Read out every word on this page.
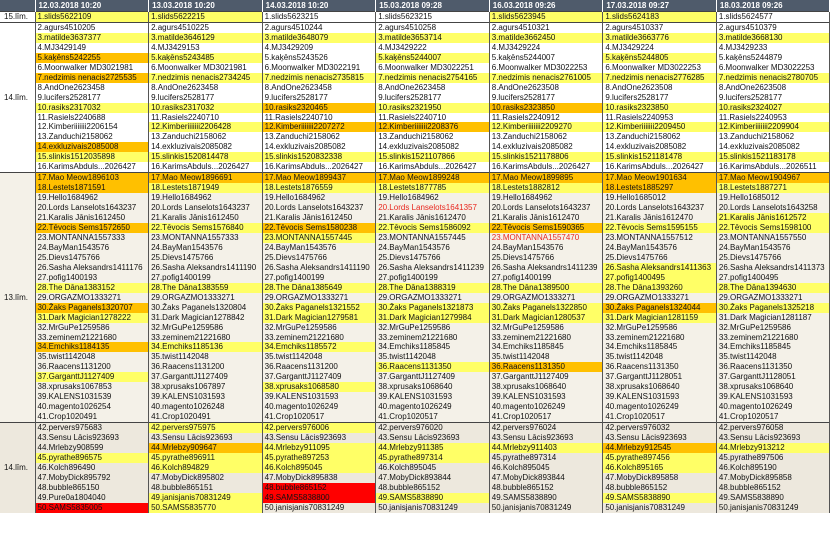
	12.03.2018 10:20	13.03.2018 10:20	14.03.2018 10:20	15.03.2018 09:28	16.03.2018 09:26	17.03.2018 09:27	18.03.2018 09:26
15.līm.	1.slids5622109	1.slids5622215	1.slids5623215	1.slids5623215	1.slids5623945	1.slids5624183	1.slids5624577
14.līm.	2.agurs4510205	2.agurs4510225	2.agurs4510244	2.agurs4510258	2.agurs4510321	2.agurs4510337	2.agurs4510379
	3.matilde3637377	3.matilde3646129	3.matilde3648079	3.matilde3653714	3.matilde3662450	3.matilde3663776	3.matilde3668130
	4.MJ3429149	4.MJ3429153	4.MJ3429209	4.MJ3429222	4.MJ3429224	4.MJ3429224	4.MJ3429233
	5.kaķēns5242255	5.kaķēns5243485	5.kaķēns5243526	5.kaķēns5244007	5.kaķēns5244007	5.kaķēns5244805	5.kaķēns5244879
	6.Moonwalker MD3021981	6.Moonwalker MD3021981	6.Moonwalker MD3022191	6.Moonwalker MD3022251	6.Moonwalker MD3022253	6.Moonwalker MD3022253	6.Moonwalker MD3022253
	7.nedzimis nenacis2725535	7.nedzimis nenacis2734245	7.nedzimis nenacis2735815	7.nedzimis nenacis2754165	7.nedzimis nenacis2761005	7.nedzimis nenacis2776285	7.nedzimis nenacis2780705
	8.AndOne2623458	8.AndOne2623458	8.AndOne2623458	8.AndOne2623458	8.AndOne2623508	8.AndOne2623508	8.AndOne2623508
	9.lucifers2528177	9.lucifers2528177	9.lucifers2528177	9.lucifers2528177	9.lucifers2528177	9.lucifers2528177	9.lucifers2528177
	10.rasiks2317032	10.rasiks2317032	10.rasiks2320465	10.rasiks2321950	10.rasiks2323850	10.rasiks2323850	10.rasiks2324027
	11.Rasiels2240688	11.Rasiels2240710	11.Rasiels2240710	11.Rasiels2240710	11.Rasiels2240912	11.Rasiels2240953	11.Rasiels2240953
	12.Kimberiiiiiii2206154	12.Kimberiiiiiii2206428	12.Kimberiiiiiii2207272	12.Kimberiiiiiii2208376	12.Kimberiiiiiii2209270	12.Kimberiiiiiii2209450	12.Kimberiiiiiii2209904
	13.Zanduchi2158062	13.Zanduchi2158062	13.Zanduchi2158062	13.Zanduchi2158062	13.Zanduchi2158062	13.Zanduchi2158062	13.Zanduchi2158062
	14.exkluzivais2085008	14.exkluzivais2085082	14.exkluzivais2085082	14.exkluzivais2085082	14.exkluzivais2085082	14.exkluzivais2085082	14.exkluzivais2085082
	15.slinkis1512035898	15.slinkis1520814478	15.slinkis1520832338	15.slinkis1521107866	15.slinkis1521178806	15.slinkis1521181478	15.slinkis1521183178
	16.KarimsAbduls...2026427	16.KarimsAbduls...2026427	16.KarimsAbduls...2026427	16.KarimsAbduls...2026427	16.KarimsAbduls...2026427	16.KarimsAbduls...2026427	16.KarimsAbduls...2026511
13.līm.	17.Mao Meow1896103	17.Mao Meow1896691	17.Mao Meow1899437	17.Mao Meow1899248	17.Mao Meow1899895	17.Mao Meow1901634	17.Mao Meow1904967
	18.Lestets1871591	18.Lestets1871949	18.Lestets1876559	18.Lestets1877785	18.Lestets1882812	18.Lestets1885297	18.Lestets1887271
	19.Hello1684962	19.Hello1684962	19.Hello1684962	19.Hello1684962	19.Hello1684962	19.Hello1685012	19.Hello1685012
	20.Lords Lanselots1643237	20.Lords Lanselots1643237	20.Lords Lanselots1643237	20.Lords Lanselots1641357	20.Lords Lanselots1643237	20.Lords Lanselots1643237	20.Lords Lanselots1643258
	21.Karalis Jānis1612450	21.Karalis Jānis1612450	21.Karalis Jānis1612450	21.Karalis Jānis1612470	21.Karalis Jānis1612470	21.Karalis Jānis1612470	21.Karalis Jānis1612572
	22.Tēvocis Sems1572650	22.Tēvocis Sems1576840	22.Tēvocis Sems1580238	22.Tēvocis Sems1586092	22.Tēvocis Sems1590365	22.Tēvocis Sems1595155	22.Tēvocis Sems1598100
	23.MONTANNA1557333	23.MONTANNA1557333	23.MONTANNA1557445	23.MONTANNA1557445	23.MONTANNA1557470	23.MONTANNA1557512	23.MONTANNA1557550
	24.BayMan1543576	24.BayMan1543576	24.BayMan1543576	24.BayMan1543576	24.BayMan1543576	24.BayMan1543576	24.BayMan1543576
	25.Dievs1475766	25.Dievs1475766	25.Dievs1475766	25.Dievs1475766	25.Dievs1475766	25.Dievs1475766	25.Dievs1475766
	26.Sasha Aleksandrs1411176	26.Sasha Aleksandrs1411190	26.Sasha Aleksandrs1411190	26.Sasha Aleksandrs1411239	26.Sasha Aleksandrs1411239	26.Sasha Aleksandrs1411363	26.Sasha Aleksandrs1411373
	27.pofig1400193	27.pofig1400199	27.pofig1400199	27.pofig1400199	27.pofig1400199	27.pofig1400495	27.pofig1400495
	28.The Dāna1383152	28.The Dāna1383559	28.The Dāna1385649	28.The Dāna1388319	28.The Dāna1389500	28.The Dāna1393260	28.The Dāna1394630
	29.ORGAZMO1333271	29.ORGAZMO1333271	29.ORGAZMO1333271	29.ORGAZMO1333271	29.ORGAZMO1333271	29.ORGAZMO1333271	29.ORGAZMO1333271
	30.Žaks Paganels1320707	30.Žaks Paganels1320804	30.Žaks Paganels1321552	30.Žaks Paganels1321873	30.Žaks Paganels1322850	30.Žaks Paganels1324044	30.Žaks Paganels1325218
	31.Dark Magician1278222	31.Dark Magician1278842	31.Dark Magician1279581	31.Dark Magician1279984	31.Dark Magician1280537	31.Dark Magician1281159	31.Dark Magician1281187
	32.MrGuPe1259586	32.MrGuPe1259586	32.MrGuPe1259586	32.MrGuPe1259586	32.MrGuPe1259586	32.MrGuPe1259586	32.MrGuPe1259586
	33.zeminem21221680	33.zeminem21221680	33.zeminem21221680	33.zeminem21221680	33.zeminem21221680	33.zeminem21221680	33.zeminem21221680
	34.Emchiks1184135	34.Emchiks1185136	34.Emchiks1185572	34.Emchiks1185845	34.Emchiks1185845	34.Emchiks1185845	34.Emchiks1185845
	35.twist1142048	35.twist1142048	35.twist1142048	35.twist1142048	35.twist1142048	35.twist1142048	35.twist1142048
	36.Raacens1131200	36.Raacens1131200	36.Raacens1131200	36.Raacens1131350	36.Raacens1131350	36.Raacens1131350	36.Raacens1131350
	37.GarganttJ1127409	37.GarganttJ1127409	37.GarganttJ1127409	37.GarganttJ1127409	37.GarganttJ1127409	37.GarganttJ1128051	37.GarganttJ1128051
	38.xprusaks1067853	38.xprusaks1067897	38.xprusaks1068580	38.xprusaks1068640	38.xprusaks1068640	38.xprusaks1068640	38.xprusaks1068640
	39.KALENS1031539	39.KALENS1031593	39.KALENS1031593	39.KALENS1031593	39.KALENS1031593	39.KALENS1031593	39.KALENS1031593
	40.magento1026254	40.magento1026248	40.magento1026249	40.magento1026249	40.magento1026249	40.magento1026249	40.magento1026249
	41.Crop1020491	41.Crop1020491	41.Crop1020517	41.Crop1020517	41.Crop1020517	41.Crop1020517	41.Crop1020517
14.līm.	42.pervers975683	42.pervers975975	42.pervers976006	42.pervers976020	42.pervers976024	42.pervers976032	42.pervers976058
	43.Sensu Lācis923693	43.Sensu Lācis923693	43.Sensu Lācis923693	43.Sensu Lācis923693	43.Sensu Lācis923693	43.Sensu Lācis923693	43.Sensu Lācis923693
	44.Mrlebzy908599	44.Mrlebzy909647	44.Mrlebzy911095	44.Mrlebzy911385	44.Mrlebzy911403	44.Mrlebzy912545	44.Mrlebzy913212
	45.pyrathe896575	45.pyrathe896911	45.pyrathe897253	45.pyrathe897314	45.pyrathe897314	45.pyrathe897456	45.pyrathe897506
	46.Kolch896490	46.Kolch894829	46.Kolch895045	46.Kolch895045	46.Kolch895045	46.Kolch895165	46.Kolch895190
	47.MobyDick895792	47.MobyDick895802	47.MobyDick895838	47.MobyDick893844	47.MobyDick893844	47.MobyDick895858	47.MobyDick895858
	48.bubble865150	48.bubble865151	48.bubble865152	48.bubble865152	48.bubble865152	48.bubble865152	48.bubble865152
	49.Pure0a1804040	49.janisjanis70831249	49.SAMS5838800	49.SAMS5838890	49.SAMS5838890	49.SAMS5838890	49.SAMS5838890
	50.SAMS5835005	50.SAMS5835770	50.janisjanis70831249	50.janisjanis70831249	50.janisjanis70831249	50.janisjanis70831249	50.janisjanis70831249
